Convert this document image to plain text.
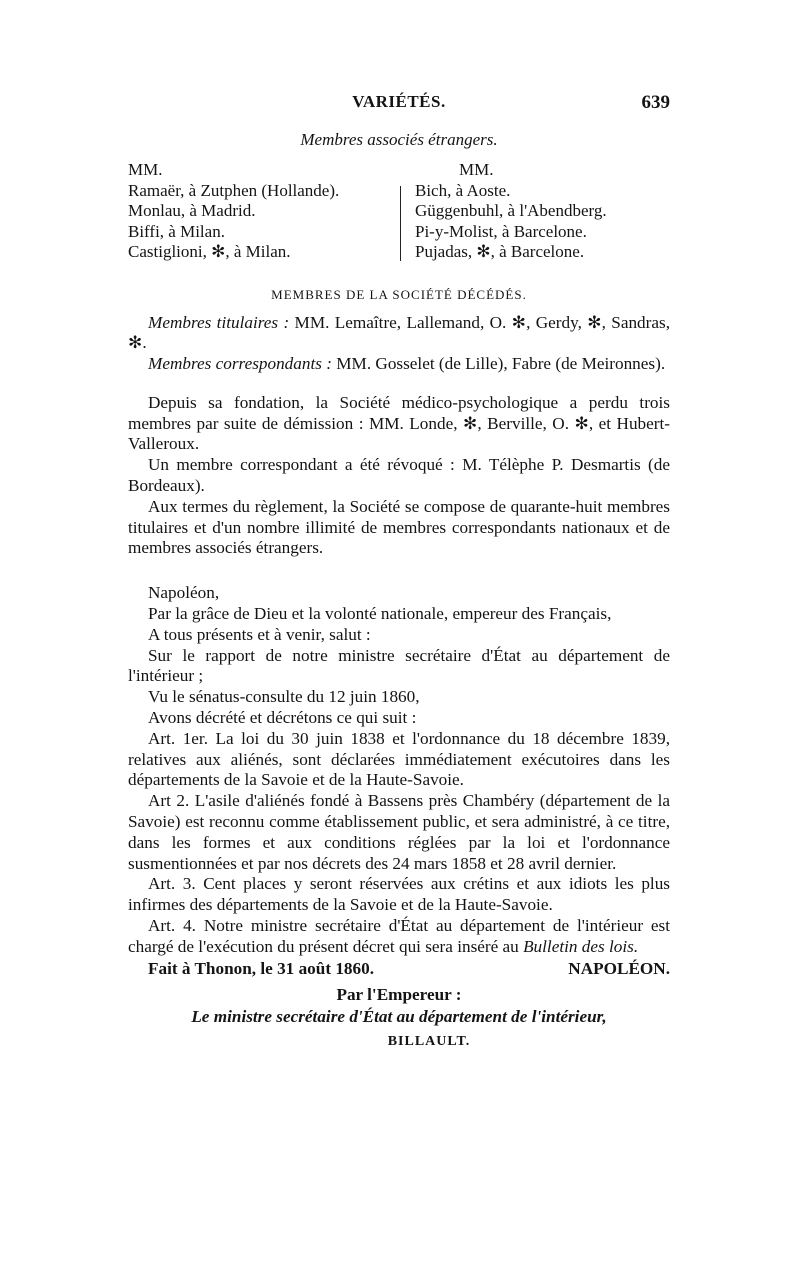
VARIÉTÉS.	639
Membres associés étrangers.
MM.
Ramaër, à Zutphen (Hollande).
Monlau, à Madrid.
Biffi, à Milan.
Castiglioni, ✻, à Milan.
MM.
Bich, à Aoste.
Güggenbuhl, à l'Abendberg.
Pi-y-Molist, à Barcelone.
Pujadas, ✻, à Barcelone.
MEMBRES DE LA SOCIÉTÉ DÉCÉDÉS.

Membres titulaires : MM. Lemaître, Lallemand, O. ✻, Gerdy, ✻, Sandras, ✻.

Membres correspondants : MM. Gosselet (de Lille), Fabre (de Meironnes).

Depuis sa fondation, la Société médico-psychologique a perdu trois membres par suite de démission : MM. Londe, ✻, Berville, O. ✻, et Hubert-Valleroux.

Un membre correspondant a été révoqué : M. Télèphe P. Desmartis (de Bordeaux).

Aux termes du règlement, la Société se compose de quarante-huit membres titulaires et d'un nombre illimité de membres correspondants nationaux et de membres associés étrangers.

Napoléon,

Par la grâce de Dieu et la volonté nationale, empereur des Français,

A tous présents et à venir, salut :

Sur le rapport de notre ministre secrétaire d'État au département de l'intérieur ;

Vu le sénatus-consulte du 12 juin 1860,

Avons décrété et décrétons ce qui suit :

Art. 1er. La loi du 30 juin 1838 et l'ordonnance du 18 décembre 1839, relatives aux aliénés, sont déclarées immédiatement exécutoires dans les départements de la Savoie et de la Haute-Savoie.

Art 2. L'asile d'aliénés fondé à Bassens près Chambéry (département de la Savoie) est reconnu comme établissement public, et sera administré, à ce titre, dans les formes et aux conditions réglées par la loi et l'ordonnance susmentionnées et par nos décrets des 24 mars 1858 et 28 avril dernier.

Art. 3. Cent places y seront réservées aux crétins et aux idiots les plus infirmes des départements de la Savoie et de la Haute-Savoie.

Art. 4. Notre ministre secrétaire d'État au département de l'intérieur est chargé de l'exécution du présent décret qui sera inséré au Bulletin des lois.

Fait à Thonon, le 31 août 1860.	NAPOLÉON.
Par l'Empereur :
Le ministre secrétaire d'État au département de l'intérieur,
BILLAULT.
